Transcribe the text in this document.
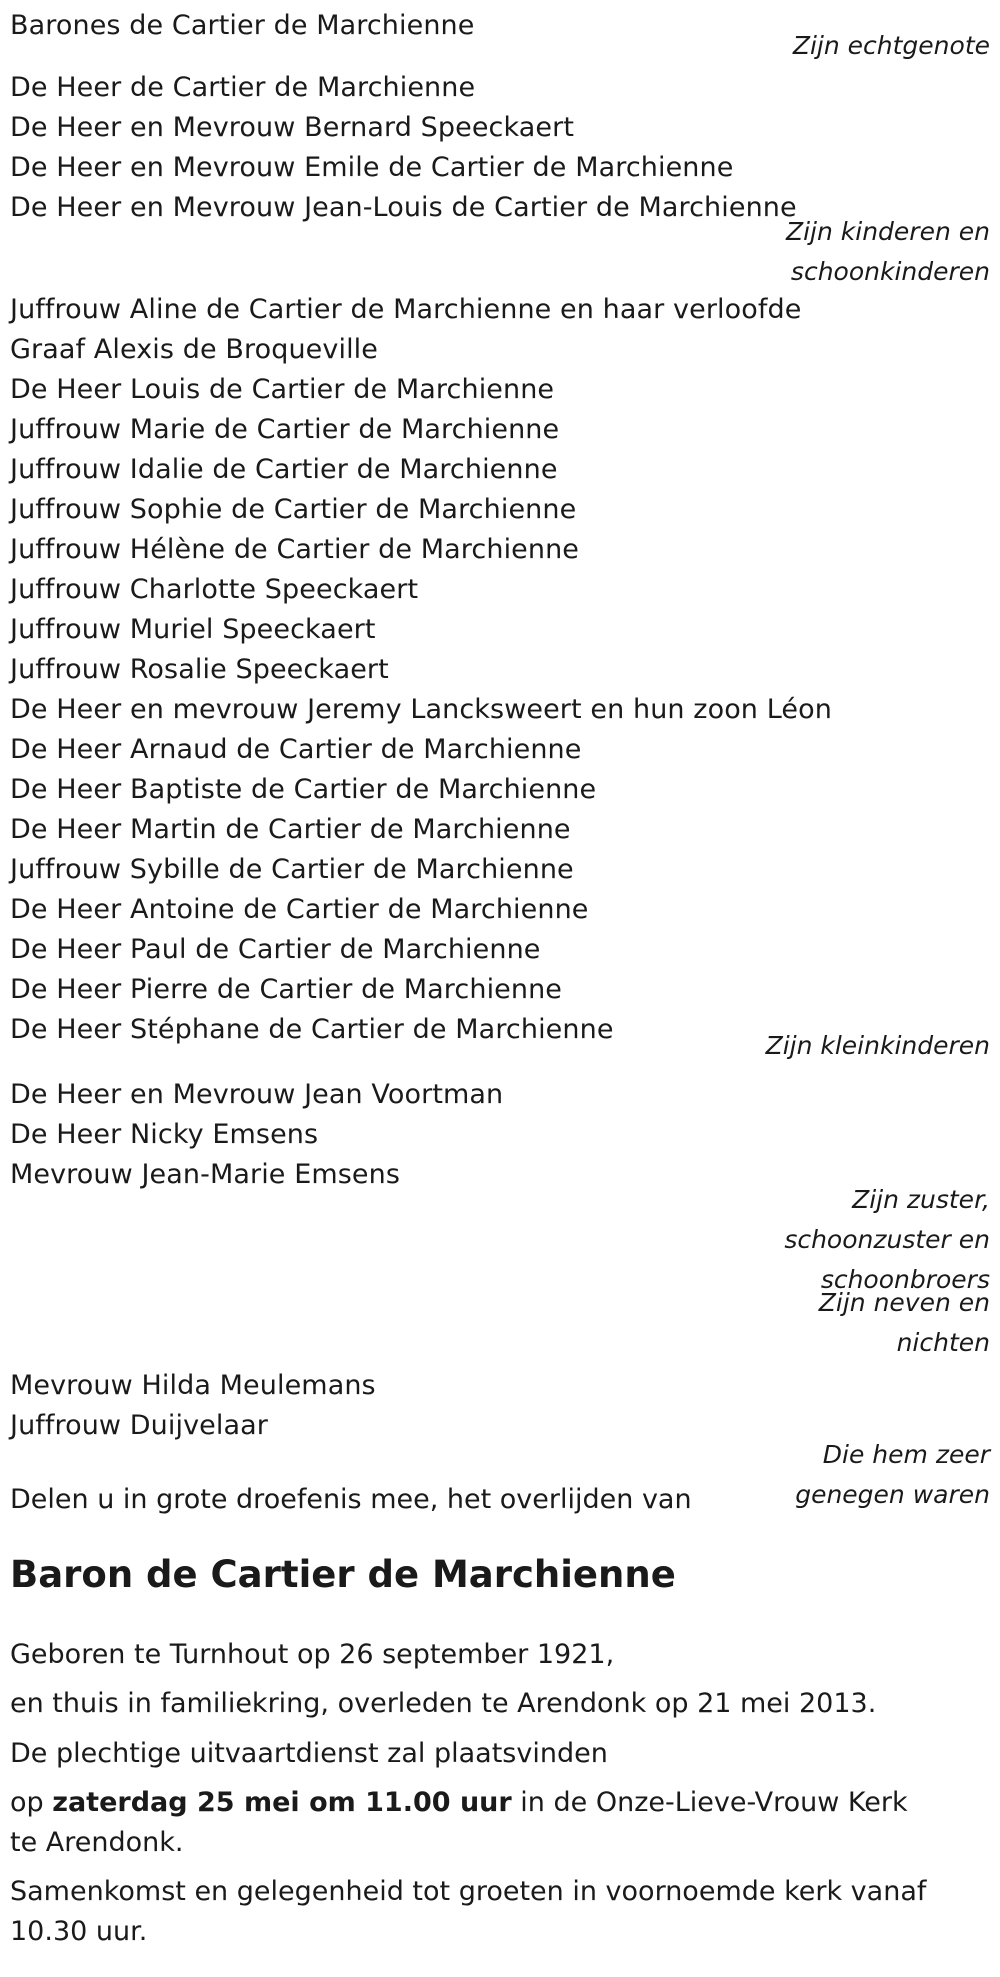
Barones de Cartier de Marchienne
Zijn echtgenote
De Heer de Cartier de Marchienne
De Heer en Mevrouw Bernard Speeckaert
De Heer en Mevrouw Emile de Cartier de Marchienne
De Heer en Mevrouw Jean-Louis de Cartier de Marchienne
Zijn kinderen en
schoonkinderen
Juffrouw Aline de Cartier de Marchienne en haar verloofde
Graaf Alexis de Broqueville
De Heer Louis de Cartier de Marchienne
Juffrouw Marie de Cartier de Marchienne
Juffrouw Idalie de Cartier de Marchienne
Juffrouw Sophie de Cartier de Marchienne
Juffrouw Hélène de Cartier de Marchienne
Juffrouw Charlotte Speeckaert
Juffrouw Muriel Speeckaert
Juffrouw Rosalie Speeckaert
De Heer en mevrouw Jeremy Lancksweert en hun zoon Léon
De Heer Arnaud de Cartier de Marchienne
De Heer Baptiste de Cartier de Marchienne
De Heer Martin de Cartier de Marchienne
Juffrouw Sybille de Cartier de Marchienne
De Heer Antoine de Cartier de Marchienne
De Heer Paul de Cartier de Marchienne
De Heer Pierre de Cartier de Marchienne
De Heer Stéphane de Cartier de Marchienne
Zijn kleinkinderen
De Heer en Mevrouw Jean Voortman
De Heer Nicky Emsens
Mevrouw Jean-Marie Emsens
Zijn zuster,
schoonzuster en
schoonbroers
Zijn neven en
nichten
Mevrouw Hilda Meulemans
Juffrouw Duijvelaar
Die hem zeer
genegen waren
Delen u in grote droefenis mee, het overlijden van
Baron de Cartier de Marchienne
Geboren te Turnhout op 26 september 1921,
en thuis in familiekring, overleden te Arendonk op 21 mei 2013.
De plechtige uitvaartdienst zal plaatsvinden
op zaterdag 25 mei om 11.00 uur in de Onze-Lieve-Vrouw Kerk te Arendonk.
Samenkomst en gelegenheid tot groeten in voornoemde kerk vanaf 10.30 uur.
